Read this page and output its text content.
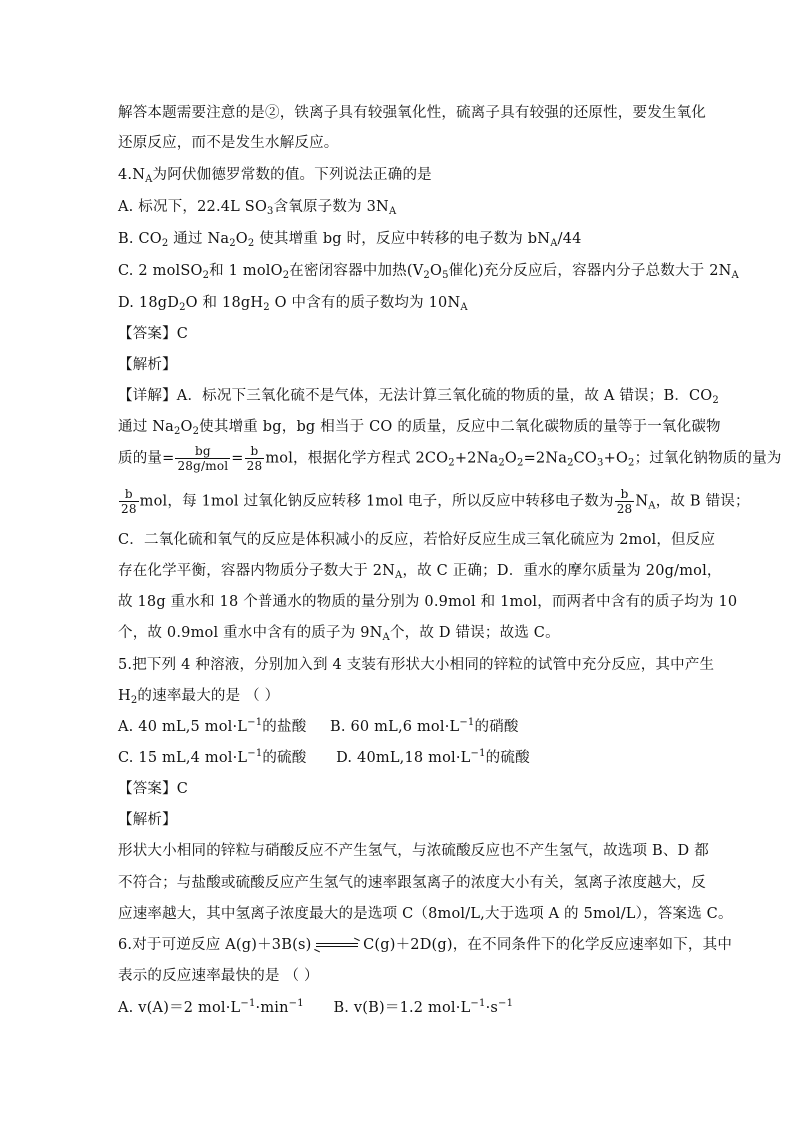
解答本题需要注意的是②，铁离子具有较强氧化性，硫离子具有较强的还原性，要发生氧化
还原反应，而不是发生水解反应。
$4.N_A$为阿伏伽德罗常数的值。下列说法正确的是
A. 标况下，22.4L $SO_3$含氧原子数为 $3N_A$
B. $CO_2$ 通过 $Na_2O_2$ 使其增重 bg 时，反应中转移的电子数为 $bN_A/44$
C. 2 molSO$_2$和 1 molO$_2$在密闭容器中加热($V_2O_5$催化)充分反应后，容器内分子总数大于 $2N_A$
D. $18gD_2O$ 和 $18gH_2$ O 中含有的质子数均为 $10N_A$
【答案】C
【解析】
【详解】A．标况下三氧化硫不是气体，无法计算三氧化硫的物质的量，故 A 错误；B．$CO_2$
通过 $Na_2O_2$使其增重 bg，bg 相当于 CO 的质量，反应中二氧化碳物质的量等于一氧化碳物
质的量= $\frac{bg}{\text{28g/mol}} = \frac{b}{28}$ mol，根据化学方程式 $2CO_2+2Na_2O_2=2Na_2CO_3+O_2$；过氧化钠物质的量为
$\frac{b}{28}$ mol，每 1mol 过氧化钠反应转移 1mol 电子，所以反应中转移电子数为 $\frac{b}{28} N_A$，故 B 错误；
C．二氧化硫和氧气的反应是体积减小的反应，若恰好反应生成三氧化硫应为 2mol，但反应
存在化学平衡，容器内物质分子数大于 $2N_A$，故 C 正确；D．重水的摩尔质量为 20g/mol，
故 18g 重水和 18 个普通水的物质的量分别为 0.9mol 和 1mol，而两者中含有的质子均为 10
个，故 0.9mol 重水中含有的质子为 $9N_A$个，故 D 错误；故选 C。
5.把下列 4 种溶液，分别加入到 4 支装有形状大小相同的锌粒的试管中充分反应，其中产生
$H_2$的速率最大的是 （ ）
A. 40 mL,5 $mol\cdot L^{-1}$的盐酸 B. 60 mL,6 $mol\cdot L^{-1}$的硝酸
C. 15 mL,4 $mol\cdot L^{-1}$的硫酸 D. 40mL,18 $mol\cdot L^{-1}$的硫酸
【答案】C
【解析】
形状大小相同的锌粒与硝酸反应不产生氢气，与浓硫酸反应也不产生氢气，故选项 B、D 都
不符合；与盐酸或硫酸反应产生氢气的速率跟氢离子的浓度大小有关，氢离子浓度越大，反
应速率越大，其中氢离子浓度最大的是选项 C（8mol/L,大于选项 A 的 5mol/L），答案选 C。
6.对于可逆反应 A(g)＋3B(s) → C(g)＋2D(g)，在不同条件下的化学反应速率如下，其中
表示的反应速率最快的是 （ ）
A. v(A)＝2 $mol\cdot L^{-1}\cdot\min^{-1}$ B. v(B)＝1.2 $mol\cdot L^{-1}\cdot s^{-1}$
